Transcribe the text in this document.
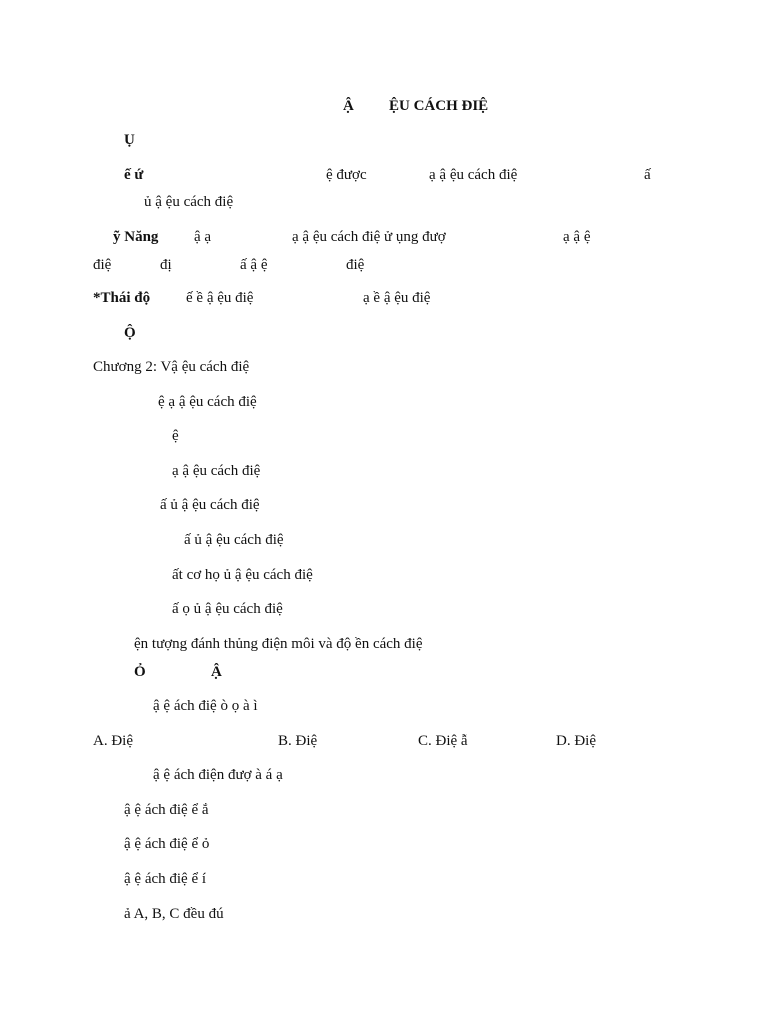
Ậ ỆU CÁCH ĐIỆ
Ụ
ế ứ	ệ được	ạ ậ ệu cách điệ	ấ
ủ ậ ệu cách điệ
ỹ Năng ậ ạ	ạ ậ ệu cách điệ ử ụng đượ	ạ ậ ệ
điệ	đị	ấ ậ ệ	điệ
*Thái độ ế ề ậ ệu điệ	ạ ề ậ ệu điệ
Ộ
Chương 2: Vậ ệu cách điệ
ệ ạ ậ ệu cách điệ
ệ
ạ ậ ệu cách điệ
ấ ủ ậ ệu cách điệ
ấ ủ ậ ệu cách điệ
ất cơ họ ủ ậ ệu cách điệ
ấ ọ ủ ậ ệu cách điệ
ện tượng đánh thủng điện môi và độ ền cách điệ
Ỏ	Ậ
ậ ệ ách điệ ò ọ à ì
A. Điệ	B. Điệ	C. Điệ ẫ	D. Điệ
ậ ệ ách điện đượ à á ạ
ậ ệ ách điệ ể ắ
ậ ệ ách điệ ể ỏ
ậ ệ ách điệ ể í
ả A, B, C đều đú
